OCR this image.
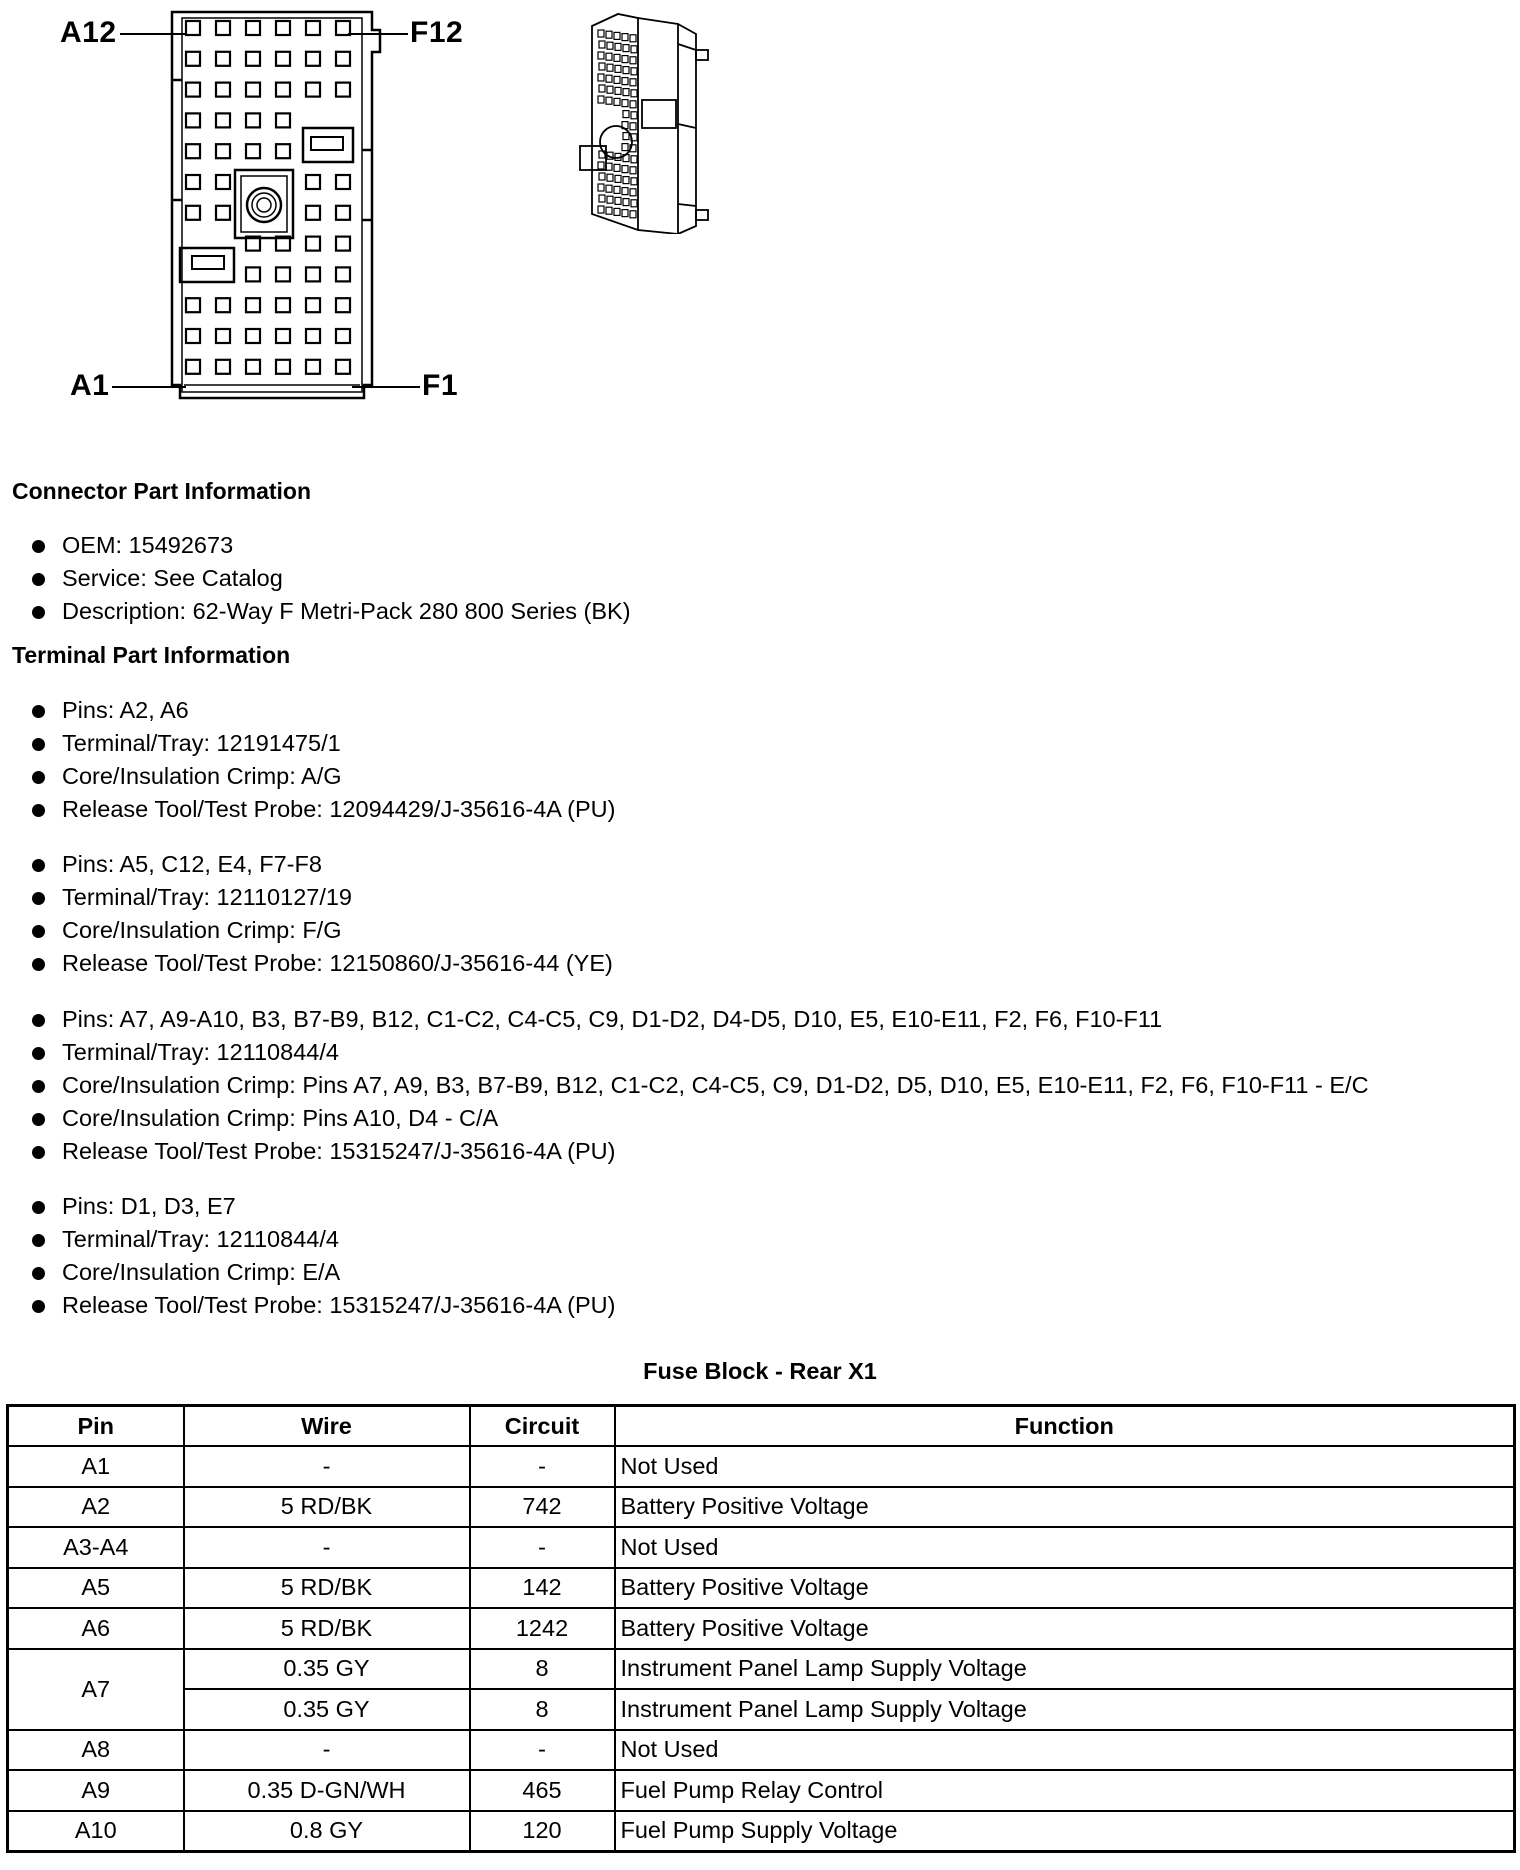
A12	F12
A1	F1
Connector Part Information
OEM: 15492673
Service: See Catalog
Description: 62-Way F Metri-Pack 280 800 Series (BK)
Terminal Part Information
Pins: A2, A6
Terminal/Tray: 12191475/1
Core/Insulation Crimp: A/G
Release Tool/Test Probe: 12094429/J-35616-4A (PU)
Pins: A5, C12, E4, F7-F8
Terminal/Tray: 12110127/19
Core/Insulation Crimp: F/G
Release Tool/Test Probe: 12150860/J-35616-44 (YE)
Pins: A7, A9-A10, B3, B7-B9, B12, C1-C2, C4-C5, C9, D1-D2, D4-D5, D10, E5, E10-E11, F2, F6, F10-F11
Terminal/Tray: 12110844/4
Core/Insulation Crimp: Pins A7, A9, B3, B7-B9, B12, C1-C2, C4-C5, C9, D1-D2, D5, D10, E5, E10-E11, F2, F6, F10-F11 - E/C
Core/Insulation Crimp: Pins A10, D4 - C/A
Release Tool/Test Probe: 15315247/J-35616-4A (PU)
Pins: D1, D3, E7
Terminal/Tray: 12110844/4
Core/Insulation Crimp: E/A
Release Tool/Test Probe: 15315247/J-35616-4A (PU)
Fuse Block - Rear X1
Pin	Wire	Circuit	Function
A1	-	-	Not Used
A2	5 RD/BK	742	Battery Positive Voltage
A3-A4	-	-	Not Used
A5	5 RD/BK	142	Battery Positive Voltage
A6	5 RD/BK	1242	Battery Positive Voltage
A7	0.35 GY	8	Instrument Panel Lamp Supply Voltage
	0.35 GY	8	Instrument Panel Lamp Supply Voltage
A8	-	-	Not Used
A9	0.35 D-GN/WH	465	Fuel Pump Relay Control
A10	0.8 GY	120	Fuel Pump Supply Voltage
